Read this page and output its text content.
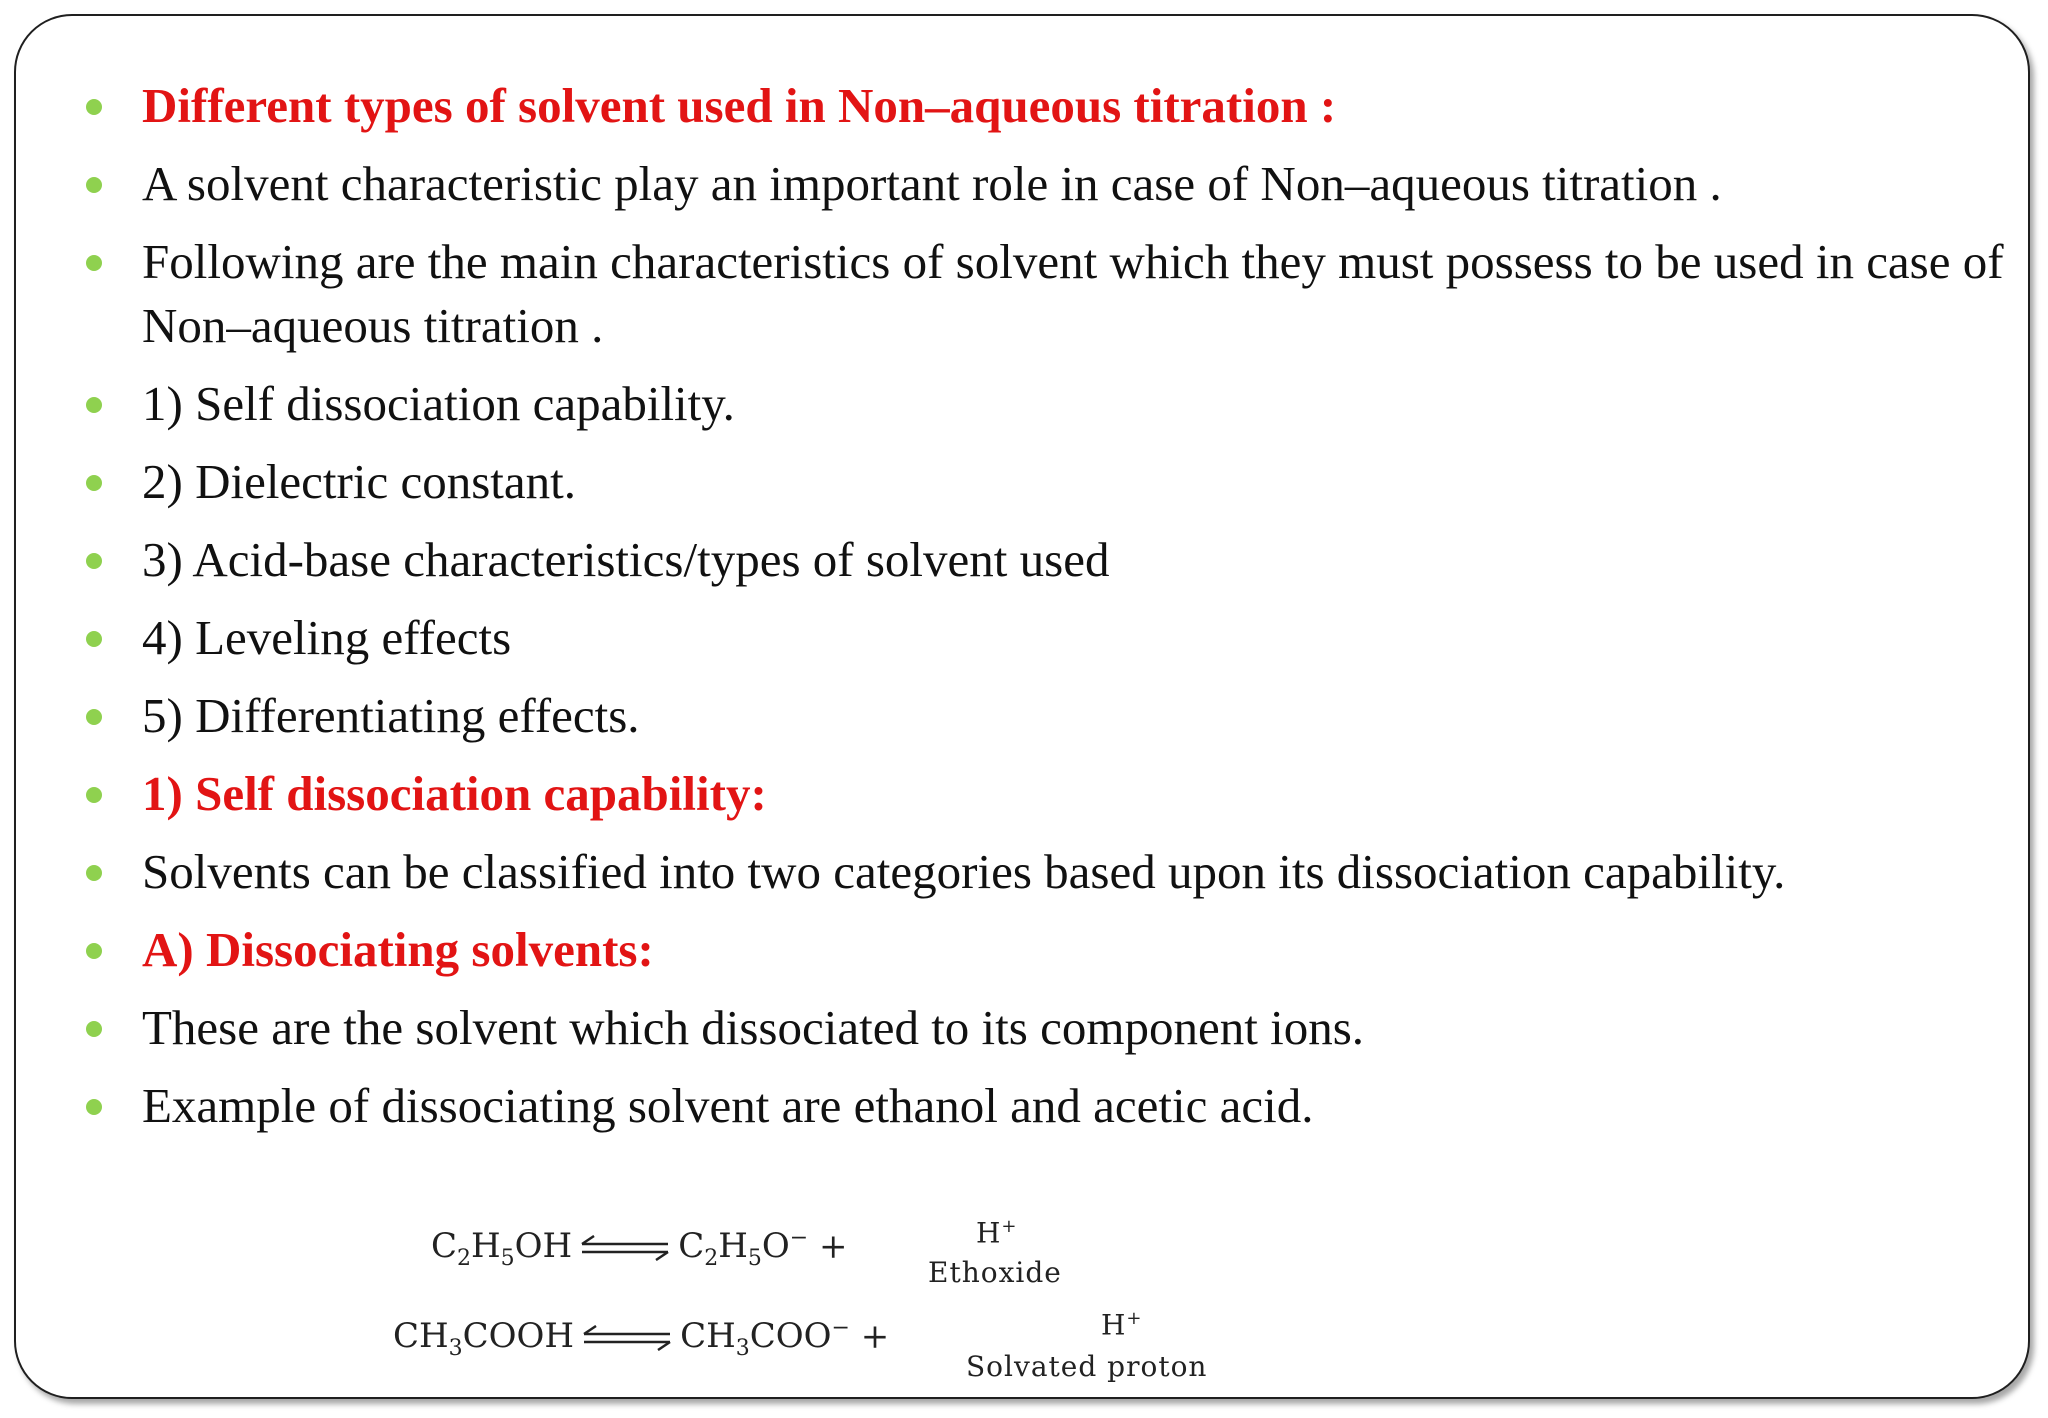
Different types of solvent used in Non–aqueous titration :
A solvent characteristic play an important role in case of Non–aqueous titration .
Following are the main characteristics of solvent which they must possess to be used in case of Non–aqueous titration .
1) Self dissociation capability.
2) Dielectric constant.
3) Acid-base characteristics/types of solvent used
4) Leveling effects
5) Differentiating effects.
1) Self dissociation capability:
Solvents can be classified into two categories based upon its dissociation capability.
A) Dissociating solvents:
These are the solvent which dissociated to its component ions.
Example of dissociating solvent are ethanol and acetic acid.
$C_2H_5OH$ ⇌ $C_2H_5O^-$ +	H+
Ethoxide
$CH_3COOH$ ⇌ $CH_3COO^-$ +	H+
Solvated proton
